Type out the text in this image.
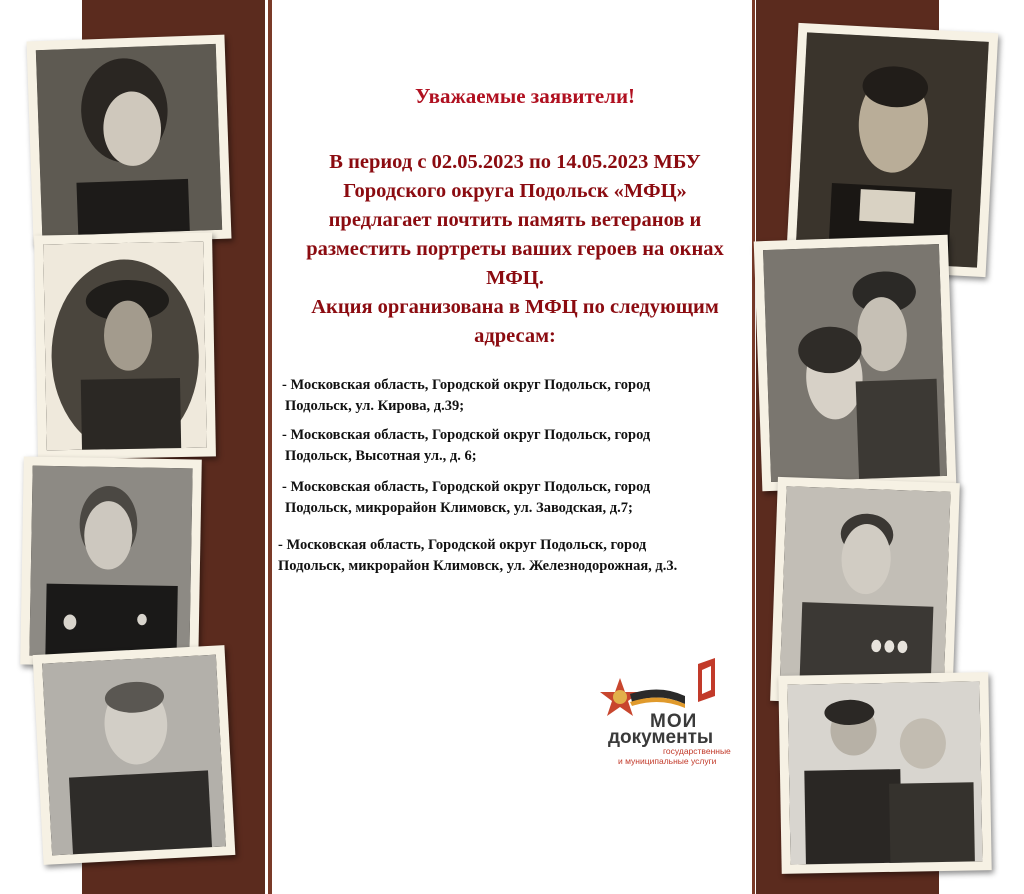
Уважаемые заявители!
В период с 02.05.2023 по 14.05.2023 МБУ
Городского округа Подольск «МФЦ»
предлагает почтить память ветеранов и
разместить портреты ваших героев на окнах
МФЦ.
Акция организована в МФЦ по следующим
адресам:
- Московская область, Городской округ Подольск, город
Подольск, ул. Кирова, д.39;
- Московская область, Городской округ Подольск, город
Подольск, Высотная ул., д. 6;
- Московская область, Городской округ Подольск, город
Подольск, микрорайон Климовск, ул. Заводская, д.7;
- Московская область, Городской округ Подольск, город
Подольск, микрорайон Климовск, ул. Железнодорожная, д.3.
МОИ
документы
государственные
и муниципальные услуги
